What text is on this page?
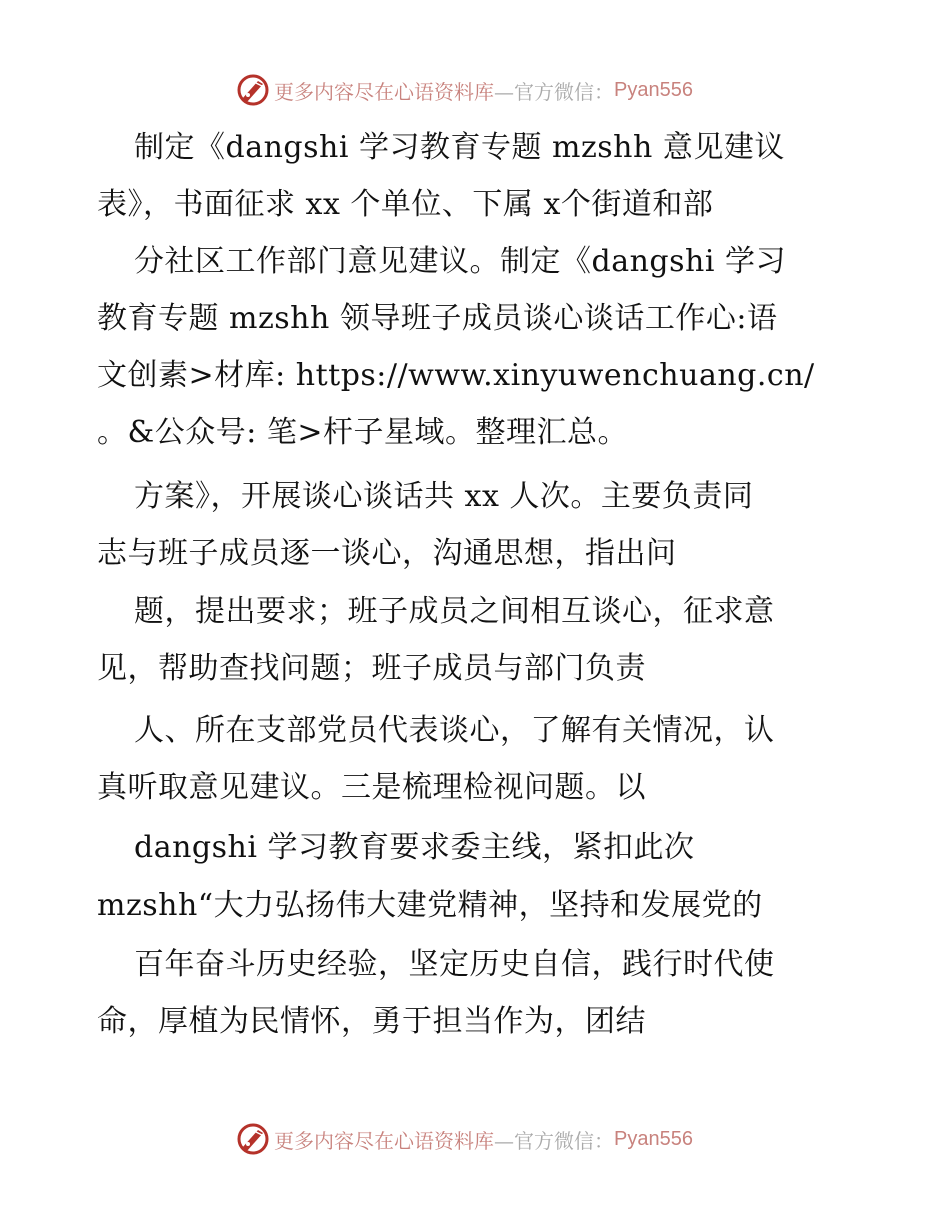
更多内容尽在心语资料库 —官方微信： Pyan556
制定《dangshi 学习教育专题 mzshh 意见建议
表》，书面征求 xx 个单位、下属 x个街道和部
分社区工作部门意见建议。制定《dangshi 学习
教育专题 mzshh 领导班子成员谈心谈话工作心:语
文创素>材库: https://www.xinyuwenchuang.cn/
。&公众号: 笔>杆子星域。整理汇总。
方案》，开展谈心谈话共 xx 人次。主要负责同
志与班子成员逐一谈心，沟通思想，指出问
题，提出要求；班子成员之间相互谈心，征求意
见，帮助查找问题；班子成员与部门负责
人、所在支部党员代表谈心，了解有关情况，认
真听取意见建议。三是梳理检视问题。以
dangshi 学习教育要求委主线，紧扣此次
mzshh“大力弘扬伟大建党精神，坚持和发展党的
百年奋斗历史经验，坚定历史自信，践行时代使
命，厚植为民情怀，勇于担当作为，团结
更多内容尽在心语资料库 —官方微信： Pyan556
